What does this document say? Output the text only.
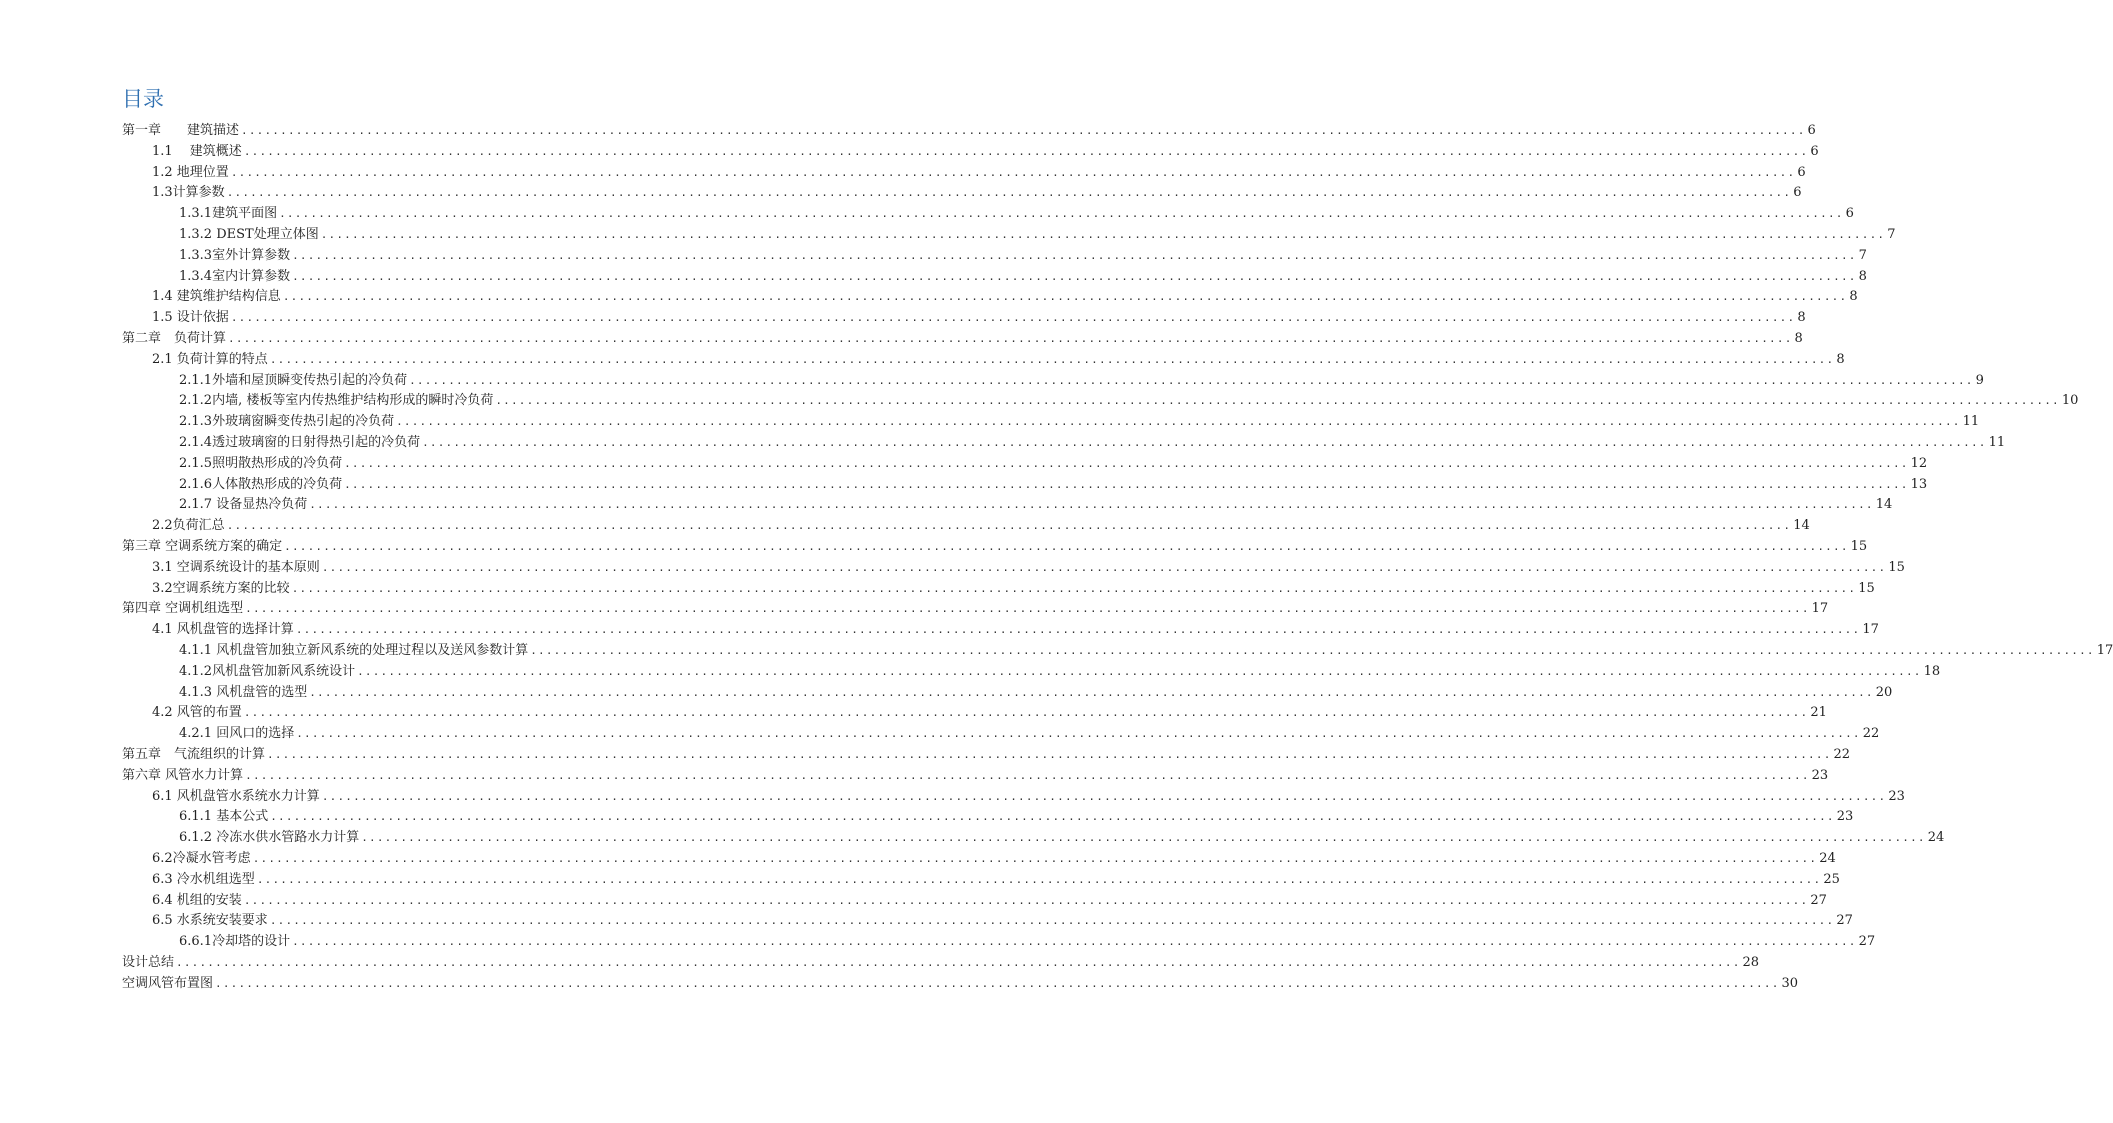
目录
第一章　　建筑描述 ........................................................................................................................................................................................................ 6
1.1　 建筑概述 ........................................................................................................................................................................................................ 6
1.2 地理位置 ........................................................................................................................................................................................................ 6
1.3计算参数 ........................................................................................................................................................................................................ 6
1.3.1建筑平面图 ........................................................................................................................................................................................................ 6
1.3.2 DEST处理立体图 ........................................................................................................................................................................................................ 7
1.3.3室外计算参数 ........................................................................................................................................................................................................ 7
1.3.4室内计算参数 ........................................................................................................................................................................................................ 8
1.4 建筑维护结构信息 ........................................................................................................................................................................................................ 8
1.5 设计依据 ........................................................................................................................................................................................................ 8
第二章　负荷计算 ........................................................................................................................................................................................................ 8
2.1 负荷计算的特点 ........................................................................................................................................................................................................ 8
2.1.1外墙和屋顶瞬变传热引起的冷负荷 ........................................................................................................................................................................................................ 9
2.1.2内墙, 楼板等室内传热维护结构形成的瞬时冷负荷 ........................................................................................................................................................................................................ 10
2.1.3外玻璃窗瞬变传热引起的冷负荷 ........................................................................................................................................................................................................ 11
2.1.4透过玻璃窗的日射得热引起的冷负荷 ........................................................................................................................................................................................................ 11
2.1.5照明散热形成的冷负荷 ........................................................................................................................................................................................................ 12
2.1.6人体散热形成的冷负荷 ........................................................................................................................................................................................................ 13
2.1.7 设备显热冷负荷 ........................................................................................................................................................................................................ 14
2.2负荷汇总 ........................................................................................................................................................................................................ 14
第三章 空调系统方案的确定 ........................................................................................................................................................................................................ 15
3.1 空调系统设计的基本原则 ........................................................................................................................................................................................................ 15
3.2空调系统方案的比较 ........................................................................................................................................................................................................ 15
第四章 空调机组选型 ........................................................................................................................................................................................................ 17
4.1 风机盘管的选择计算 ........................................................................................................................................................................................................ 17
4.1.1 风机盘管加独立新风系统的处理过程以及送风参数计算 ........................................................................................................................................................................................................ 17
4.1.2风机盘管加新风系统设计 ........................................................................................................................................................................................................ 18
4.1.3 风机盘管的选型 ........................................................................................................................................................................................................ 20
4.2 风管的布置 ........................................................................................................................................................................................................ 21
4.2.1 回风口的选择 ........................................................................................................................................................................................................ 22
第五章　气流组织的计算 ........................................................................................................................................................................................................ 22
第六章 风管水力计算 ........................................................................................................................................................................................................ 23
6.1 风机盘管水系统水力计算 ........................................................................................................................................................................................................ 23
6.1.1 基本公式 ........................................................................................................................................................................................................ 23
6.1.2 冷冻水供水管路水力计算 ........................................................................................................................................................................................................ 24
6.2冷凝水管考虑 ........................................................................................................................................................................................................ 24
6.3 冷水机组选型 ........................................................................................................................................................................................................ 25
6.4 机组的安装 ........................................................................................................................................................................................................ 27
6.5 水系统安装要求 ........................................................................................................................................................................................................ 27
6.6.1冷却塔的设计 ........................................................................................................................................................................................................ 27
设计总结 ........................................................................................................................................................................................................ 28
空调风管布置图 ........................................................................................................................................................................................................ 30
